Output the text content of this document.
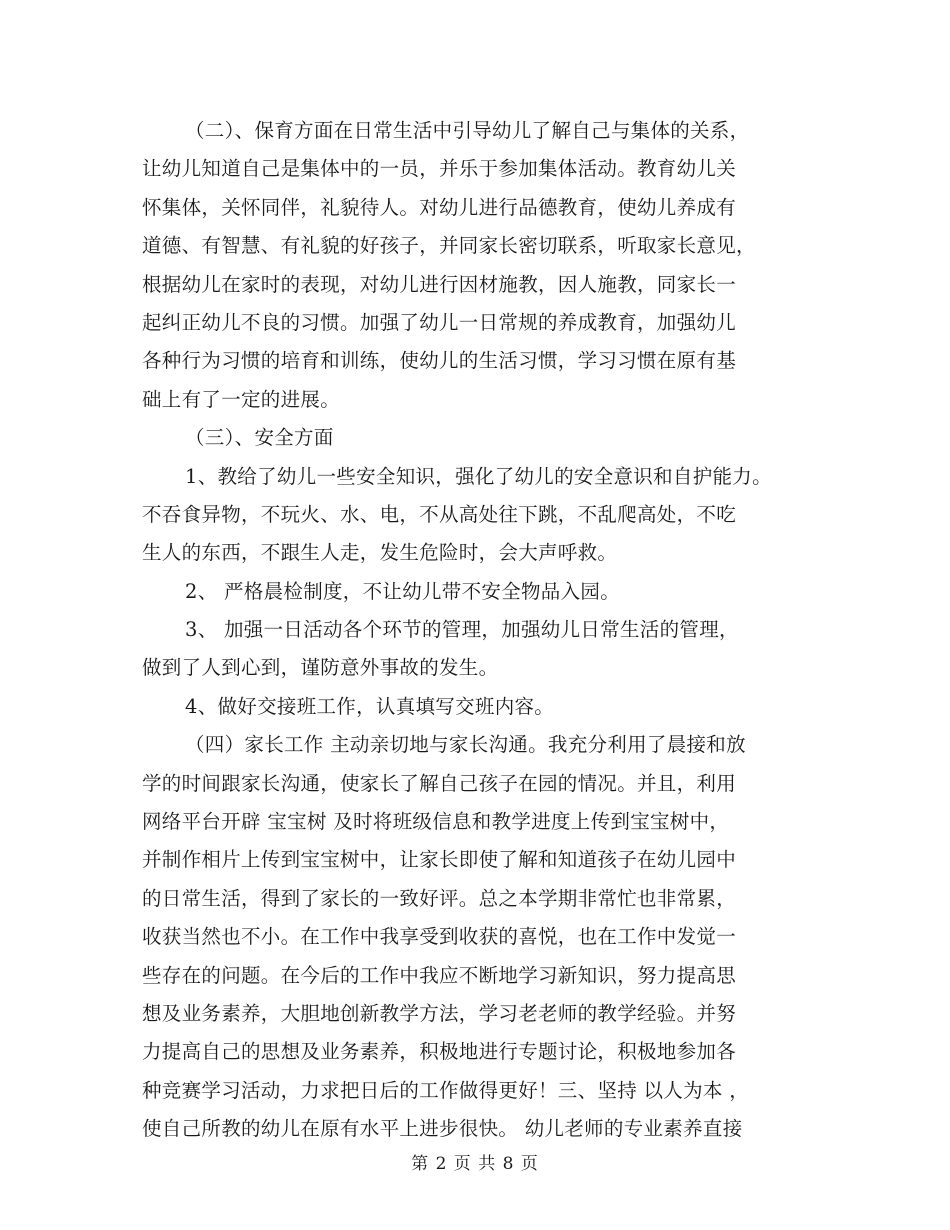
（二）、保育方面在日常生活中引导幼儿了解自己与集体的关系，
让幼儿知道自己是集体中的一员，并乐于参加集体活动。教育幼儿关
怀集体，关怀同伴，礼貌待人。对幼儿进行品德教育，使幼儿养成有
道德、有智慧、有礼貌的好孩子，并同家长密切联系，听取家长意见，
根据幼儿在家时的表现，对幼儿进行因材施教，因人施教，同家长一
起纠正幼儿不良的习惯。加强了幼儿一日常规的养成教育，加强幼儿
各种行为习惯的培育和训练，使幼儿的生活习惯，学习习惯在原有基
础上有了一定的进展。
（三）、安全方面
1、教给了幼儿一些安全知识，强化了幼儿的安全意识和自护能力。
不吞食异物，不玩火、水、电，不从高处往下跳，不乱爬高处，不吃
生人的东西，不跟生人走，发生危险时，会大声呼救。
2、 严格晨检制度，不让幼儿带不安全物品入园。
3、 加强一日活动各个环节的管理，加强幼儿日常生活的管理，
做到了人到心到，谨防意外事故的发生。
4、做好交接班工作，认真填写交班内容。
（四）家长工作 主动亲切地与家长沟通。我充分利用了晨接和放
学的时间跟家长沟通，使家长了解自己孩子在园的情况。并且，利用
网络平台开辟 宝宝树 及时将班级信息和教学进度上传到宝宝树中，
并制作相片上传到宝宝树中，让家长即使了解和知道孩子在幼儿园中
的日常生活，得到了家长的一致好评。总之本学期非常忙也非常累，
收获当然也不小。在工作中我享受到收获的喜悦，也在工作中发觉一
些存在的问题。在今后的工作中我应不断地学习新知识，努力提高思
想及业务素养，大胆地创新教学方法，学习老老师的教学经验。并努
力提高自己的思想及业务素养，积极地进行专题讨论，积极地参加各
种竞赛学习活动，力求把日后的工作做得更好！三、坚持 以人为本 ，
使自己所教的幼儿在原有水平上进步很快。 幼儿老师的专业素养直接
第 2 页 共 8 页
